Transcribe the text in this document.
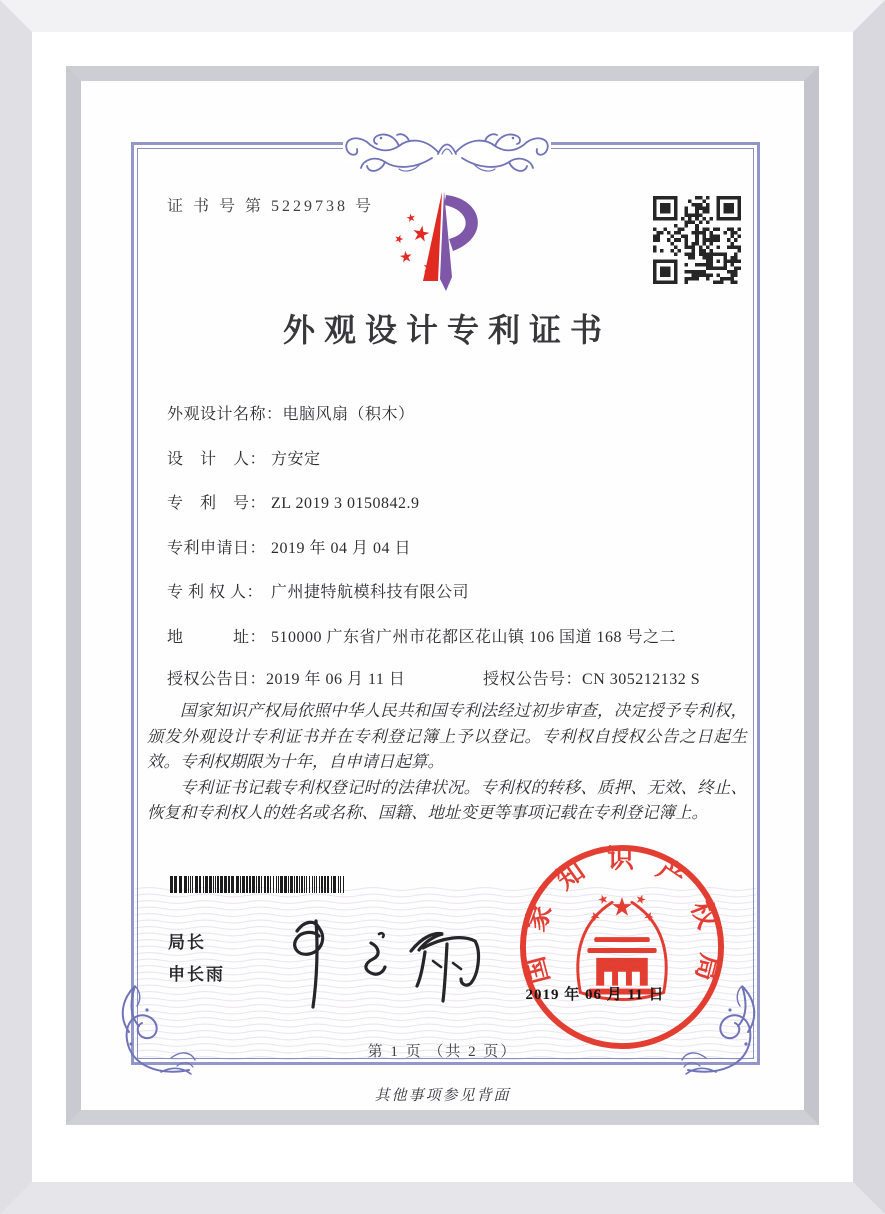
证 书 号 第 5229738 号
外观设计专利证书
外观设计名称：电脑风扇（积木）
设　计　人： 方安定
专　利　号： ZL 2019 3 0150842.9
专利申请日： 2019 年 04 月 04 日
专 利 权 人： 广州捷特航模科技有限公司
地　　　址： 510000 广东省广州市花都区花山镇 106 国道 168 号之二
授权公告日：2019 年 06 月 11 日	授权公告号：CN 305212132 S

国家知识产权局依照中华人民共和国专利法经过初步审查，决定授予专利权，颁发外观设计专利证书并在专利登记簿上予以登记。专利权自授权公告之日起生效。专利权期限为十年，自申请日起算。

专利证书记载专利权登记时的法律状况。专利权的转移、质押、无效、终止、恢复和专利权人的姓名或名称、国籍、地址变更等事项记载在专利登记簿上。

局长
申长雨	国家知识产权局
2019 年 06 月 11 日
第 1 页 （共 2 页）
其他事项参见背面
